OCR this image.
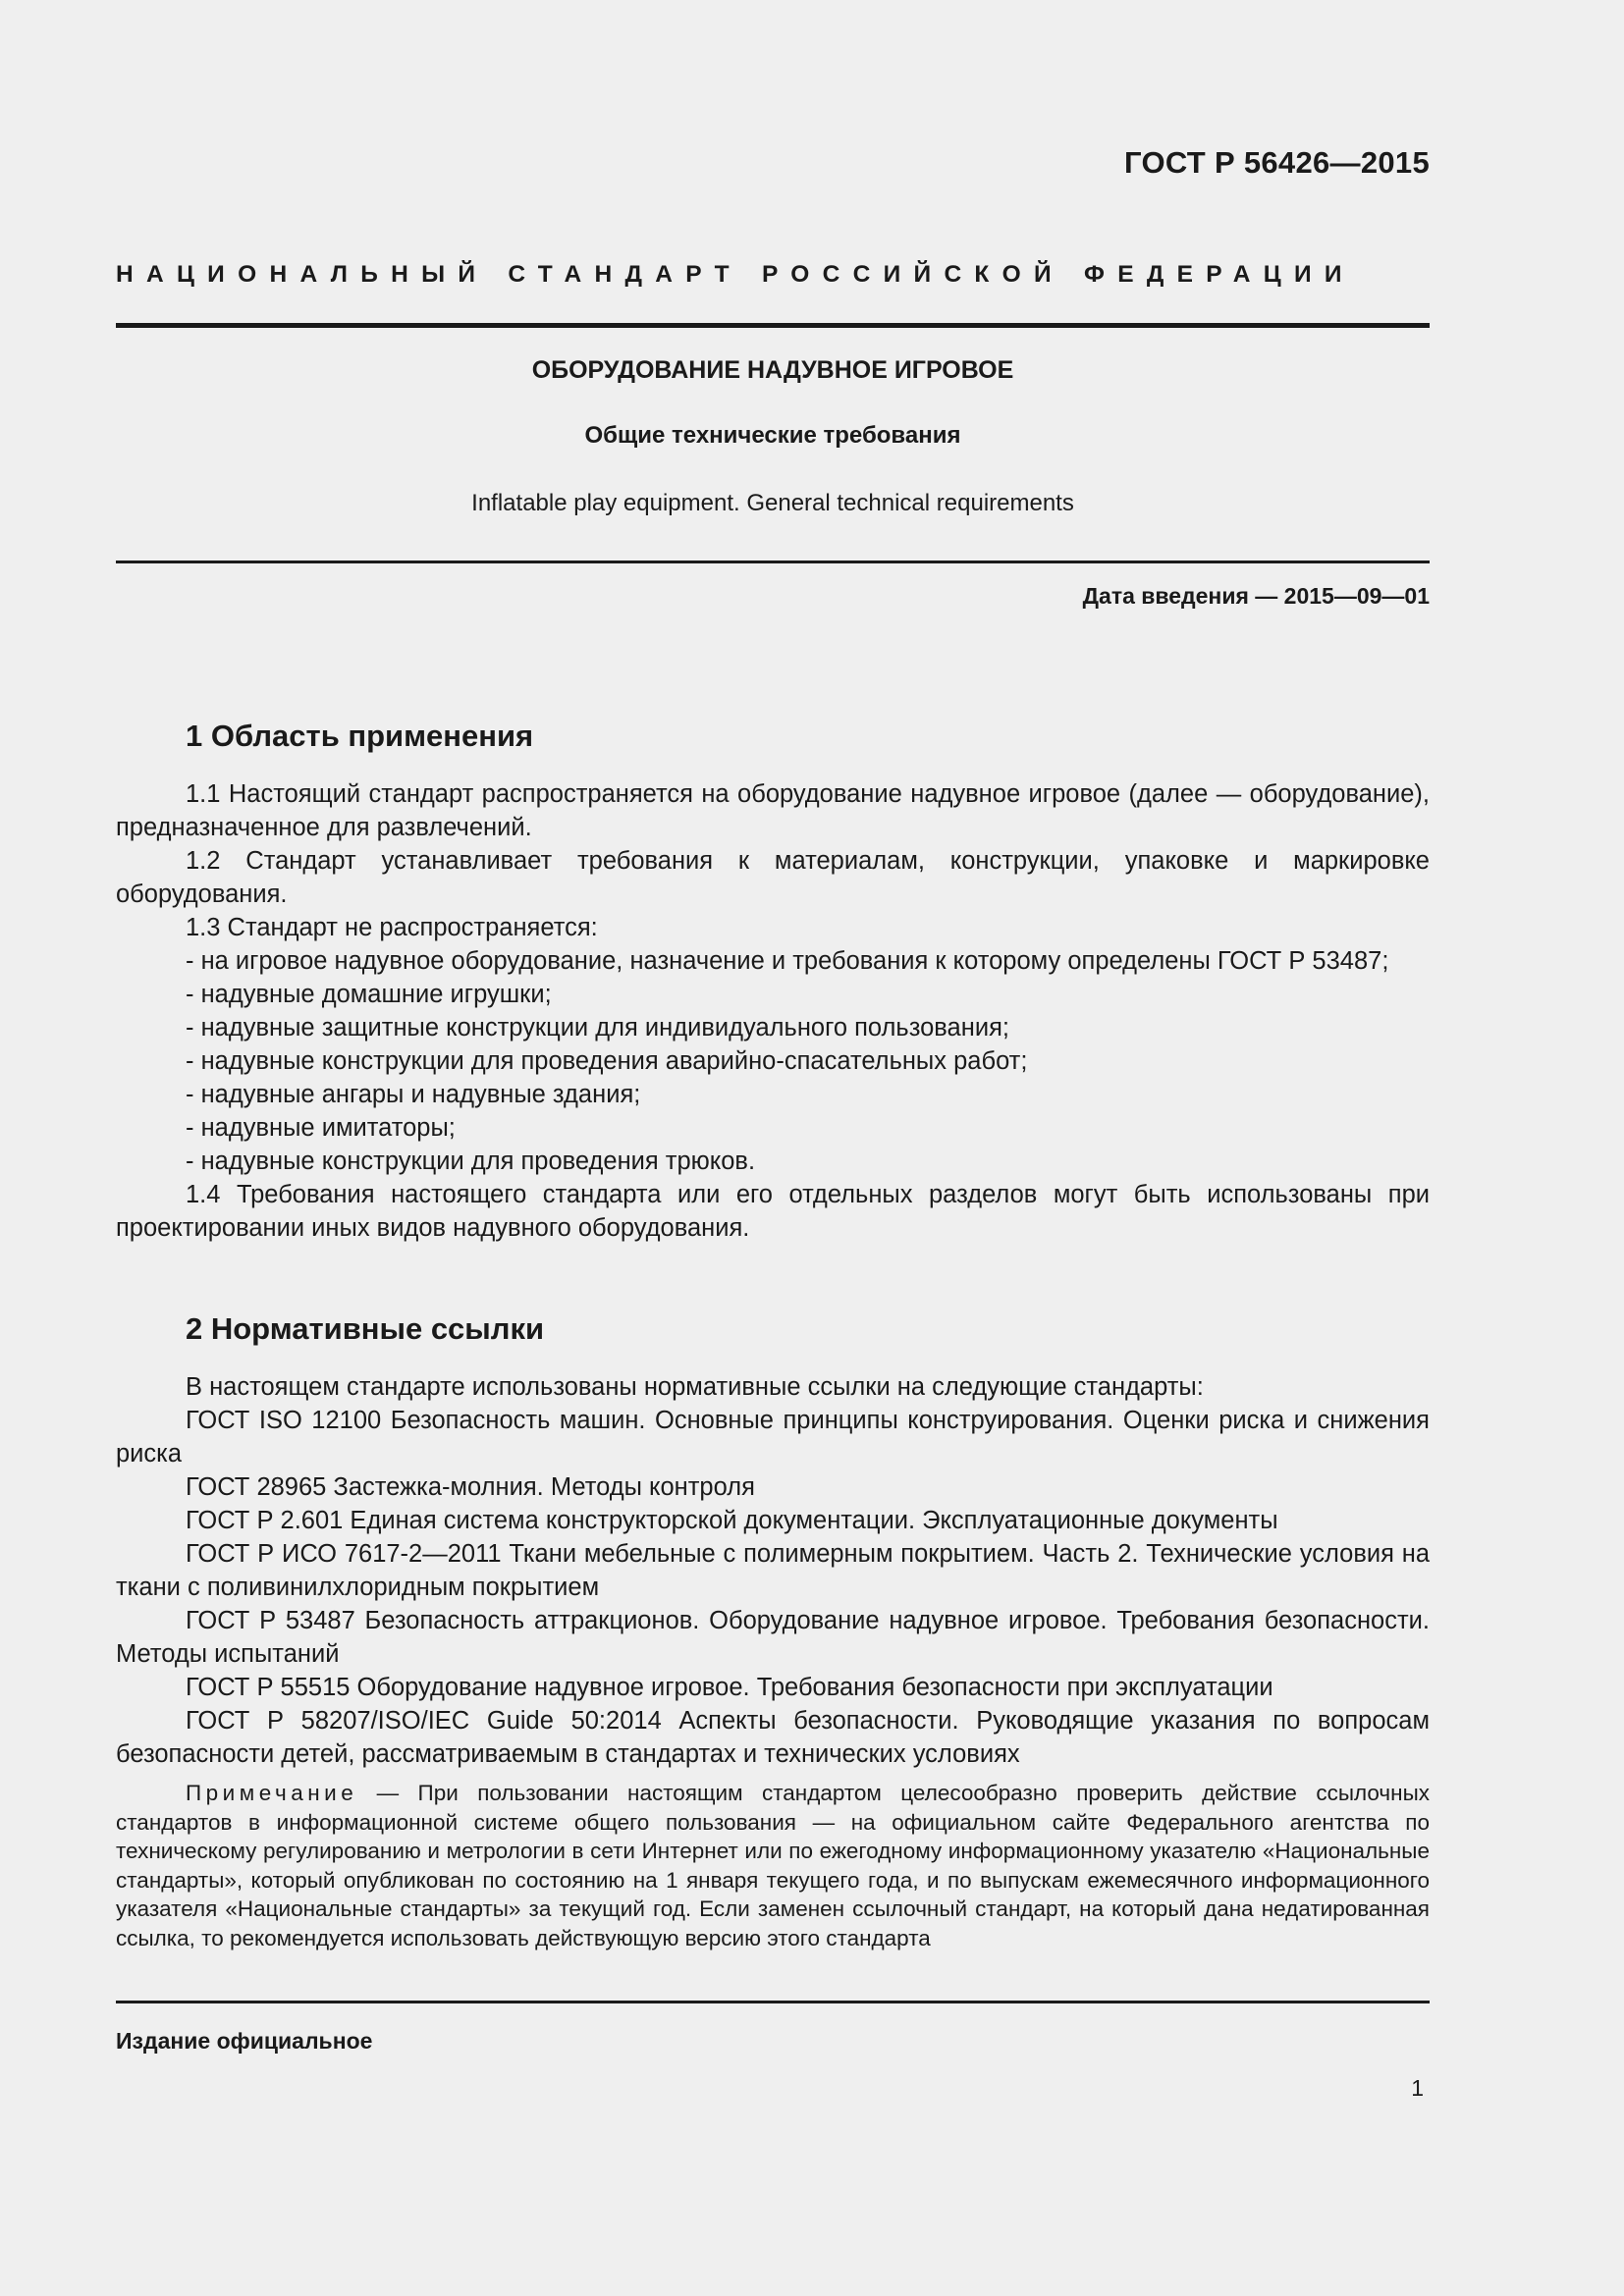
ГОСТ Р 56426—2015
НАЦИОНАЛЬНЫЙ СТАНДАРТ РОССИЙСКОЙ ФЕДЕРАЦИИ
ОБОРУДОВАНИЕ НАДУВНОЕ ИГРОВОЕ
Общие технические требования
Inflatable play equipment. General technical requirements
Дата введения — 2015—09—01
1 Область применения

1.1 Настоящий стандарт распространяется на оборудование надувное игровое (далее — оборудование), предназначенное для развлечений.

1.2 Стандарт устанавливает требования к материалам, конструкции, упаковке и маркировке оборудования.

1.3 Стандарт не распространяется:

- на игровое надувное оборудование, назначение и требования к которому определены ГОСТ Р 53487;

- надувные домашние игрушки;

- надувные защитные конструкции для индивидуального пользования;

- надувные конструкции для проведения аварийно-спасательных работ;

- надувные ангары и надувные здания;

- надувные имитаторы;

- надувные конструкции для проведения трюков.

1.4 Требования настоящего стандарта или его отдельных разделов могут быть использованы при проектировании иных видов надувного оборудования.

2 Нормативные ссылки

В настоящем стандарте использованы нормативные ссылки на следующие стандарты:

ГОСТ ISO 12100 Безопасность машин. Основные принципы конструирования. Оценки риска и снижения риска

ГОСТ 28965 Застежка-молния. Методы контроля

ГОСТ Р 2.601 Единая система конструкторской документации. Эксплуатационные документы

ГОСТ Р ИСО 7617-2—2011 Ткани мебельные с полимерным покрытием. Часть 2. Технические условия на ткани с поливинилхлоридным покрытием

ГОСТ Р 53487 Безопасность аттракционов. Оборудование надувное игровое. Требования безопасности. Методы испытаний

ГОСТ Р 55515 Оборудование надувное игровое. Требования безопасности при эксплуатации

ГОСТ Р 58207/ISO/IEC Guide 50:2014 Аспекты безопасности. Руководящие указания по вопросам безопасности детей, рассматриваемым в стандартах и технических условиях

Примечание — При пользовании настоящим стандартом целесообразно проверить действие ссылочных стандартов в информационной системе общего пользования — на официальном сайте Федерального агентства по техническому регулированию и метрологии в сети Интернет или по ежегодному информационному указателю «Национальные стандарты», который опубликован по состоянию на 1 января текущего года, и по выпускам ежемесячного информационного указателя «Национальные стандарты» за текущий год. Если заменен ссылочный стандарт, на который дана недатированная ссылка, то рекомендуется использовать действующую версию этого стандарта

Издание официальное
1
